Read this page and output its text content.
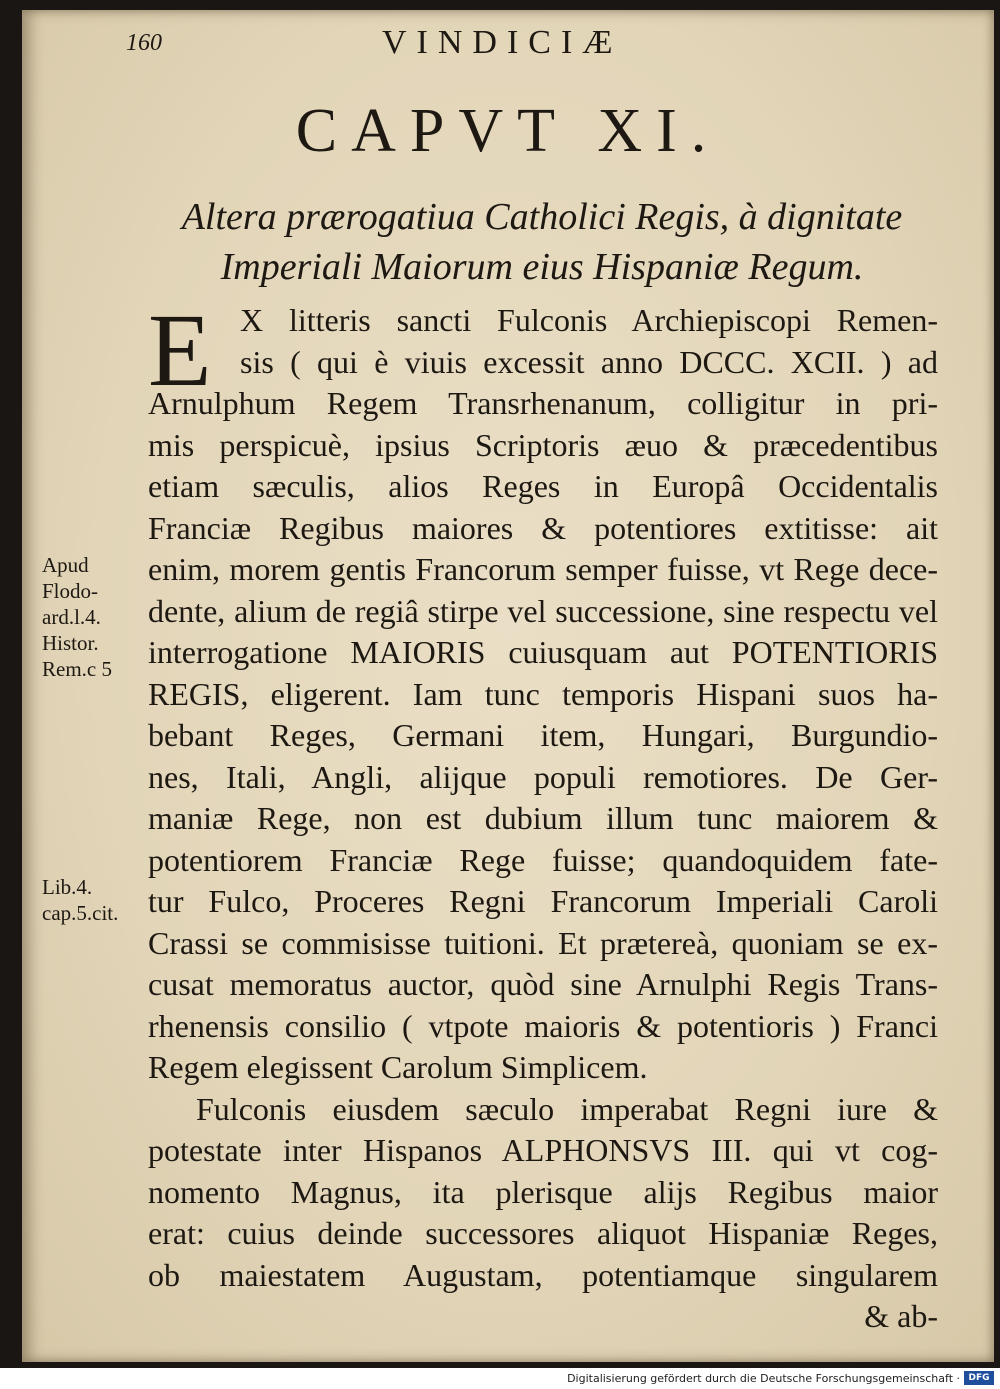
160	VINDICIÆ
CAPVT XI.
Altera prærogatiua Catholici Regis, à dignitate
Imperiali Maiorum eius Hispaniæ Regum.
E X litteris sancti Fulconis Archiepiscopi Remen-
sis ( qui è viuis excessit anno DCCC. XCII. ) ad
Arnulphum Regem Transrhenanum, colligitur in pri-
mis perspicuè, ipsius Scriptoris æuo & præcedentibus
etiam sæculis, alios Reges in Europâ Occidentalis
Franciæ Regibus maiores & potentiores extitisse: ait
enim, morem gentis Francorum semper fuisse, vt Rege dece-
dente, alium de regiâ stirpe vel successione, sine respectu vel
interrogatione MAIORIS cuiusquam aut POTENTIORIS
REGIS, eligerent. Iam tunc temporis Hispani suos ha-
bebant Reges, Germani item, Hungari, Burgundio-
nes, Itali, Angli, alijque populi remotiores. De Ger-
maniæ Rege, non est dubium illum tunc maiorem &
potentiorem Franciæ Rege fuisse; quandoquidem fate-
tur Fulco, Proceres Regni Francorum Imperiali Caroli
Crassi se commisisse tuitioni. Et prætereà, quoniam se ex-
cusat memoratus auctor, quòd sine Arnulphi Regis Trans-
rhenensis consilio ( vtpote maioris & potentioris ) Franci
Regem elegissent Carolum Simplicem.
Fulconis eiusdem sæculo imperabat Regni iure &
potestate inter Hispanos ALPHONSVS III. qui vt cog-
nomento Magnus, ita plerisque alijs Regibus maior
erat: cuius deinde successores aliquot Hispaniæ Reges,
ob maiestatem Augustam, potentiamque singularem
& ab-
Apud
Flodo-
ard.l.4.
Histor.
Rem.c 5
Lib.4.
cap.5.cit.
Digitalisierung gefördert durch die Deutsche Forschungsgemeinschaft · DFG
